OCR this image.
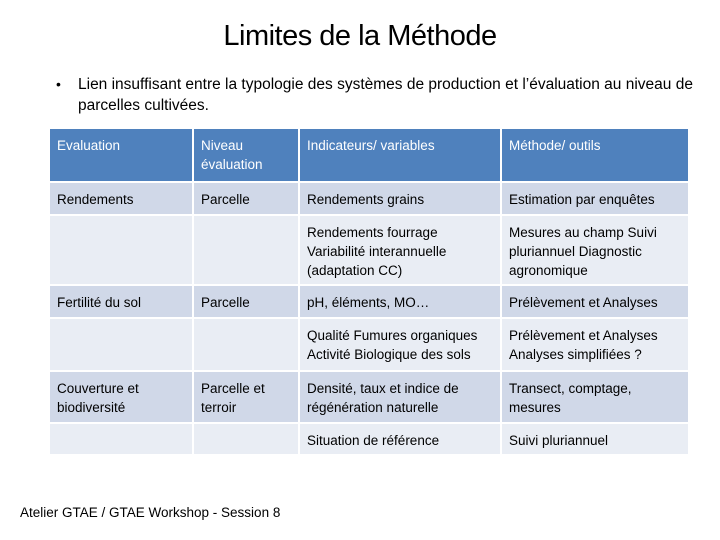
Limites de la Méthode
•	Lien insuffisant entre la typologie des systèmes de production et l’évaluation au niveau de parcelles cultivées.
Evaluation	Niveau évaluation	Indicateurs/ variables	Méthode/ outils
Rendements	Parcelle	Rendements grains	Estimation par enquêtes
		Rendements fourrage Variabilité interannuelle (adaptation CC)	Mesures au champ Suivi pluriannuel Diagnostic agronomique
Fertilité du sol	Parcelle	pH, éléments, MO…	Prélèvement et Analyses
		Qualité Fumures organiques Activité Biologique des sols	Prélèvement et Analyses Analyses simplifiées ?
Couverture et biodiversité	Parcelle et terroir	Densité, taux et indice de régénération naturelle	Transect, comptage, mesures
		Situation de référence	Suivi pluriannuel
Atelier GTAE / GTAE Workshop - Session 8
